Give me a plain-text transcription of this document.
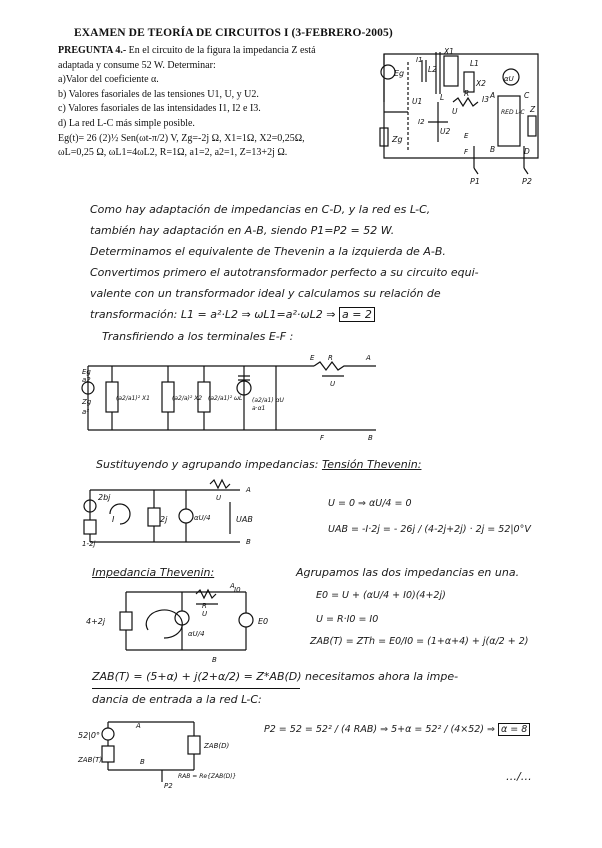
EXAMEN DE TEORÍA DE CIRCUITOS I (3-FEBRERO-2005)
PREGUNTA 4.- En el circuito de la figura la impedancia Z está
adaptada y consume 52 W. Determinar:
a)Valor del coeficiente α.
b) Valores fasoriales de las tensiones U1, U, y U2.
c) Valores fasoriales de las intensidades I1, I2 e I3.
d) La red L-C más simple posible.
Eg(t)= 26 (2)½ Sen(ωt-π/2) V, Zg=-2j Ω, X1=1Ω, X2=0,25Ω,
ωL=0,25 Ω, ωL1=4ωL2, R=1Ω, a1=2, a2=1, Z=13+2j Ω.
Eg
Zg
U1
L2
X1
L1
X2	αU
L	R
U
I3
U2
A
B
C
D
RED L-C Z
I1
I2
E
F
P1	P2
Como hay adaptación de impedancias en C-D, y la red es L-C,
también hay adaptación en A-B, siendo P1=P2 = 52 W.
Determinamos el equivalente de Thevenin a la izquierda de A-B.
Convertimos primero el autotransformador perfecto a su circuito equi-
valente con un transformador ideal y calculamos su relación de
transformación: L1 = a²·L2 ⇒ ωL1=a²·ωL2 ⇒ a = 2
Transfiriendo a los terminales E-F :
Eg
a2
Zg
a²
(a2/a1)² X1	(a2/a)² X2 (a2/a1)² ωL (a2/a1) αU
a·α1
E R	A
U
F	B
Sustituyendo y agrupando impedancias: Tensión Thevenin:
2bj
2j	αU/4
1-2j
I
U
A
B
UAB
U = 0 ⇒ αU/4 = 0
UAB = -I·2j = - 26j / (4-2j+2j) · 2j = 52|0°V
Impedancia Thevenin:	Agrupamos las dos impedancias en una.
4+2j
αU/4
R
I0
E0
U
A
B
E0 = U + (αU/4 + I0)(4+2j)
U = R·I0 = I0
ZAB(T) = ZTh = E0/I0 = (1+α+4) + j(α/2 + 2)
ZAB(T) = (5+α) + j(2+α/2) = Z*AB(D) necesitamos ahora la impe-
dancia de entrada a la red L-C:
52|0°
ZAB(T)
ZAB(D)
A
B
P2
RAB = Re{ZAB(D)}
P2 = 52 = 52² / (4 RAB) ⇒ 5+α = 52² / (4×52) ⇒ α = 8
…/…
